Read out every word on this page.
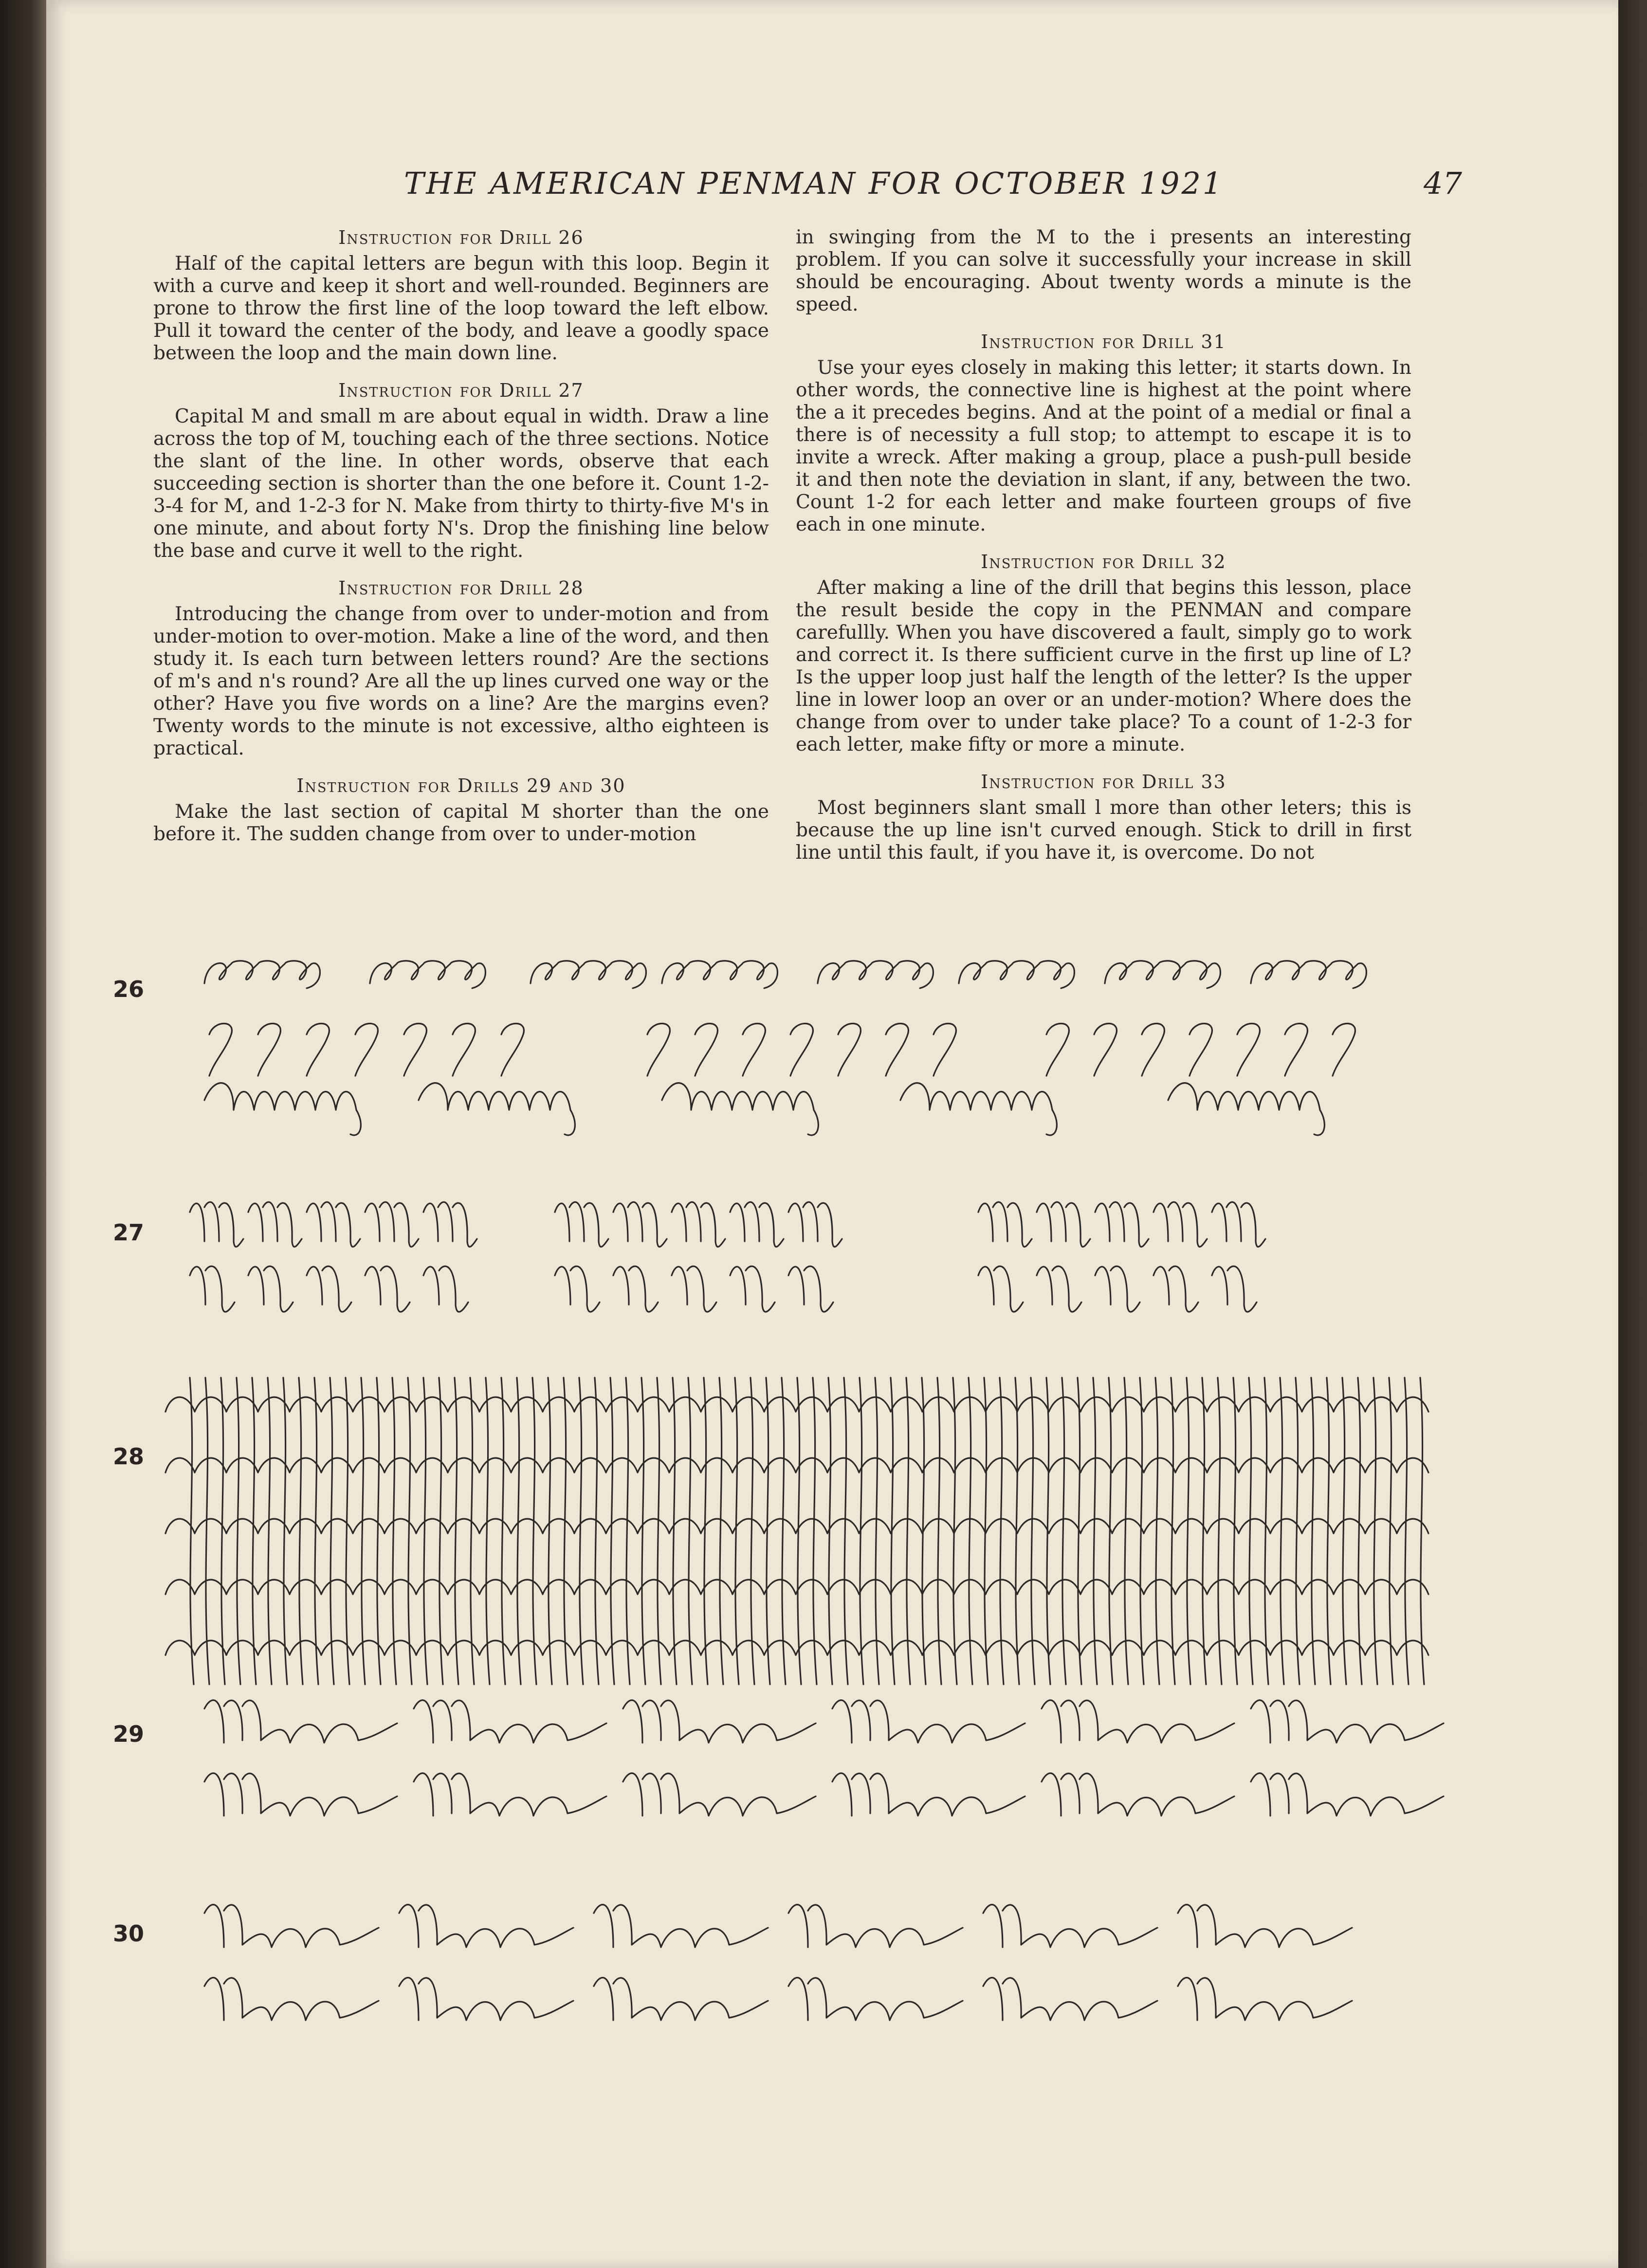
THE AMERICAN PENMAN FOR OCTOBER 1921	47
Instruction for Drill 26
Half of the capital letters are begun with this loop. Begin it with a curve and keep it short and well-rounded. Beginners are prone to throw the first line of the loop toward the left elbow. Pull it toward the center of the body, and leave a goodly space between the loop and the main down line.
Instruction for Drill 27
Capital M and small m are about equal in width. Draw a line across the top of M, touching each of the three sections. Notice the slant of the line. In other words, observe that each succeeding section is shorter than the one before it. Count 1-2-3-4 for M, and 1-2-3 for N. Make from thirty to thirty-five M's in one minute, and about forty N's. Drop the finishing line below the base and curve it well to the right.
Instruction for Drill 28
Introducing the change from over to under-motion and from under-motion to over-motion. Make a line of the word, and then study it. Is each turn between letters round? Are the sections of m's and n's round? Are all the up lines curved one way or the other? Have you five words on a line? Are the margins even? Twenty words to the minute is not excessive, altho eighteen is practical.
Instruction for Drills 29 and 30
Make the last section of capital M shorter than the one before it. The sudden change from over to under-motion
in swinging from the M to the i presents an interesting problem. If you can solve it successfully your increase in skill should be encouraging. About twenty words a minute is the speed.
Instruction for Drill 31
Use your eyes closely in making this letter; it starts down. In other words, the connective line is highest at the point where the a it precedes begins. And at the point of a medial or final a there is of necessity a full stop; to attempt to escape it is to invite a wreck. After making a group, place a push-pull beside it and then note the deviation in slant, if any, between the two. Count 1-2 for each letter and make fourteen groups of five each in one minute.
Instruction for Drill 32
After making a line of the drill that begins this lesson, place the result beside the copy in the PENMAN and compare carefullly. When you have discovered a fault, simply go to work and correct it. Is there sufficient curve in the first up line of L? Is the upper loop just half the length of the letter? Is the upper line in lower loop an over or an under-motion? Where does the change from over to under take place? To a count of 1-2-3 for each letter, make fifty or more a minute.
Instruction for Drill 33
Most beginners slant small l more than other leters; this is because the up line isn't curved enough. Stick to drill in first line until this fault, if you have it, is overcome. Do not
26
27
28
29
30
